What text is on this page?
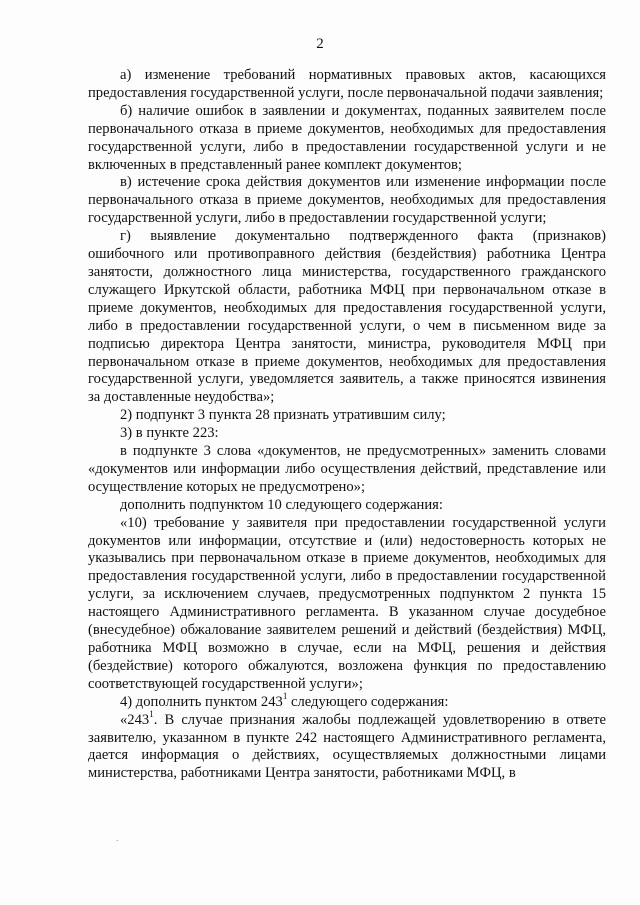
2

а) изменение требований нормативных правовых актов, касающихся предоставления государственной услуги, после первоначальной подачи заявления;

б) наличие ошибок в заявлении и документах, поданных заявителем после первоначального отказа в приеме документов, необходимых для предоставления государственной услуги, либо в предоставлении государственной услуги и не включенных в представленный ранее комплект документов;

в) истечение срока действия документов или изменение информации после первоначального отказа в приеме документов, необходимых для предоставления государственной услуги, либо в предоставлении государственной услуги;

г) выявление документально подтвержденного факта (признаков) ошибочного или противоправного действия (бездействия) работника Центра занятости, должностного лица министерства, государственного гражданского служащего Иркутской области, работника МФЦ при первоначальном отказе в приеме документов, необходимых для предоставления государственной услуги, либо в предоставлении государственной услуги, о чем в письменном виде за подписью директора Центра занятости, министра, руководителя МФЦ при первоначальном отказе в приеме документов, необходимых для предоставления государственной услуги, уведомляется заявитель, а также приносятся извинения за доставленные неудобства»;

2) подпункт 3 пункта 28 признать утратившим силу;

3) в пункте 223:

в подпункте 3 слова «документов, не предусмотренных» заменить словами «документов или информации либо осуществления действий, представление или осуществление которых не предусмотрено»;

дополнить подпунктом 10 следующего содержания:

«10) требование у заявителя при предоставлении государственной услуги документов или информации, отсутствие и (или) недостоверность которых не указывались при первоначальном отказе в приеме документов, необходимых для предоставления государственной услуги, либо в предоставлении государственной услуги, за исключением случаев, предусмотренных подпунктом 2 пункта 15 настоящего Административного регламента. В указанном случае досудебное (внесудебное) обжалование заявителем решений и действий (бездействия) МФЦ, работника МФЦ возможно в случае, если на МФЦ, решения и действия (бездействие) которого обжалуются, возложена функция по предоставлению соответствующей государственной услуги»;

4) дополнить пунктом $243^1$ следующего содержания:

«$243^1$. В случае признания жалобы подлежащей удовлетворению в ответе заявителю, указанном в пункте 242 настоящего Административного регламента, дается информация о действиях, осуществляемых должностными лицами министерства, работниками Центра занятости, работниками МФЦ, в

.
